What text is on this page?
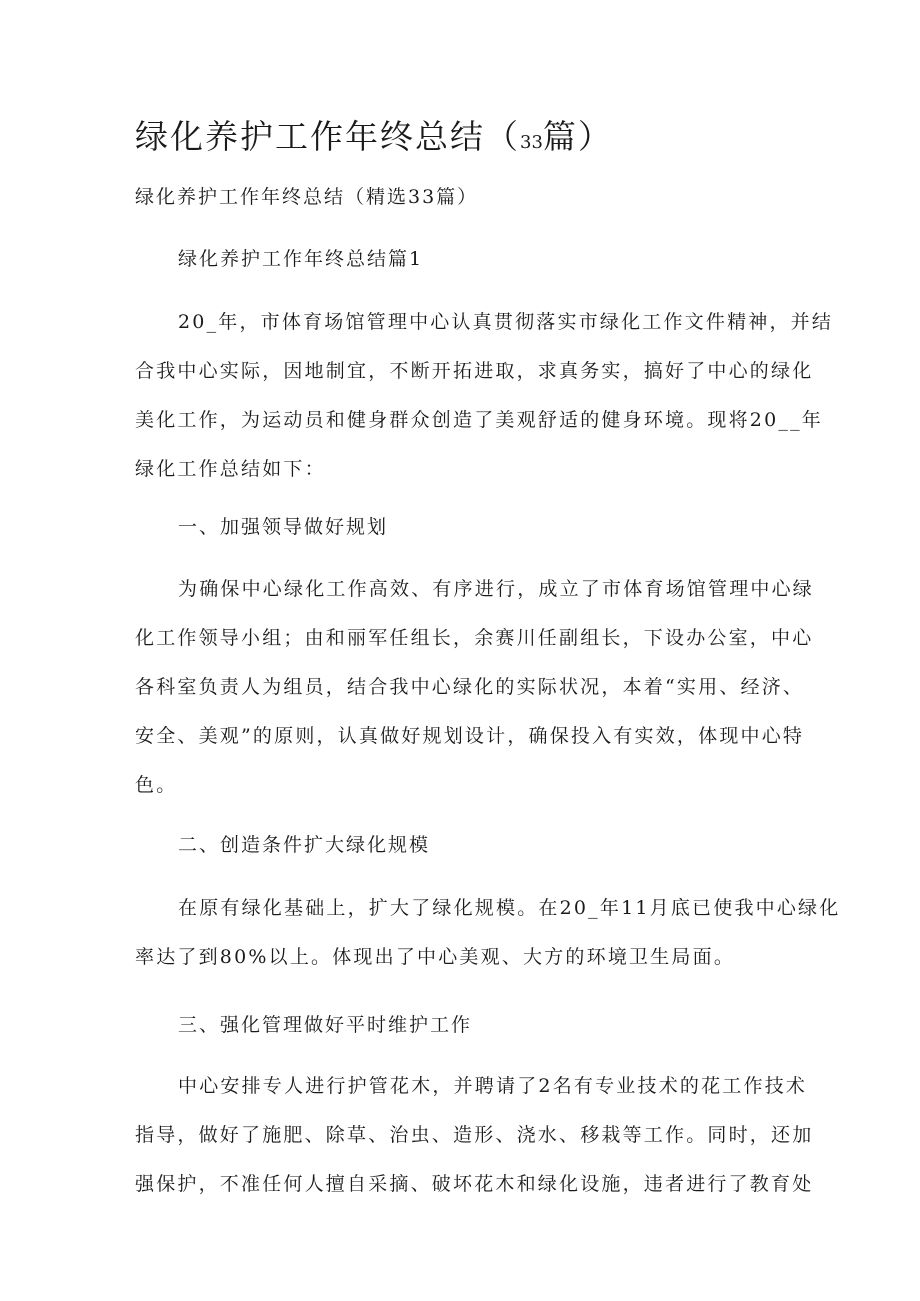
绿化养护工作年终总结（33篇）

绿化养护工作年终总结（精选33篇）

绿化养护工作年终总结篇1
20_年，市体育场馆管理中心认真贯彻落实市绿化工作文件精神，并结
合我中心实际，因地制宜，不断开拓进取，求真务实，搞好了中心的绿化
美化工作，为运动员和健身群众创造了美观舒适的健身环境。现将20__年
绿化工作总结如下：
一、加强领导做好规划
为确保中心绿化工作高效、有序进行，成立了市体育场馆管理中心绿
化工作领导小组；由和丽军任组长，余赛川任副组长，下设办公室，中心
各科室负责人为组员，结合我中心绿化的实际状况，本着“实用、经济、
安全、美观”的原则，认真做好规划设计，确保投入有实效，体现中心特
色。
二、创造条件扩大绿化规模
在原有绿化基础上，扩大了绿化规模。在20_年11月底已使我中心绿化
率达了到80%以上。体现出了中心美观、大方的环境卫生局面。
三、强化管理做好平时维护工作
中心安排专人进行护管花木，并聘请了2名有专业技术的花工作技术
指导，做好了施肥、除草、治虫、造形、浇水、移栽等工作。同时，还加
强保护，不准任何人擅自采摘、破坏花木和绿化设施，违者进行了教育处
